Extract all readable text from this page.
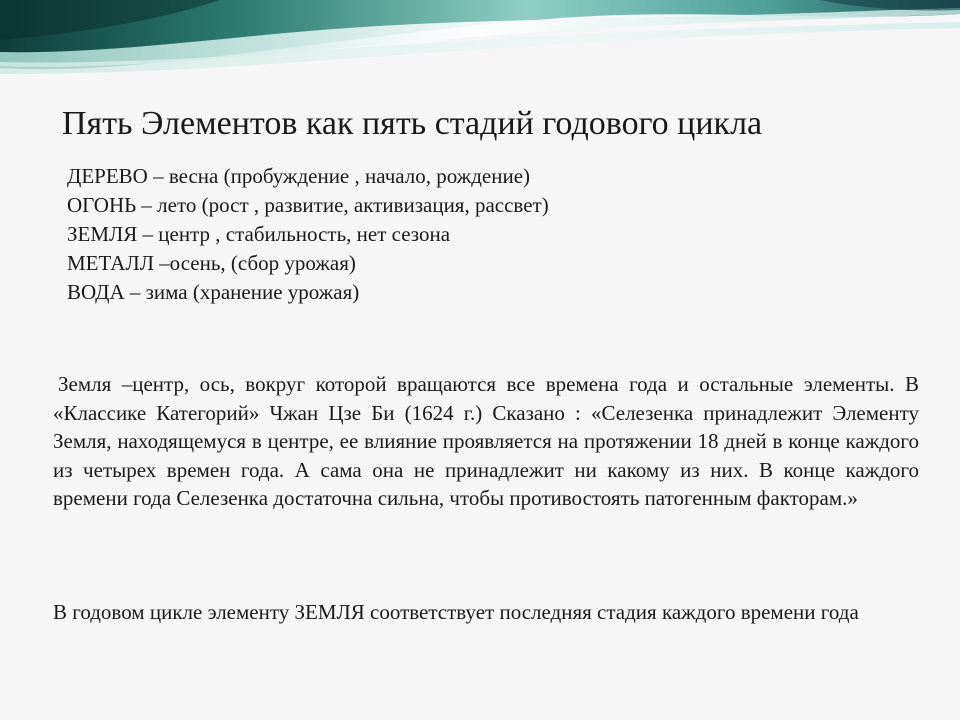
Пять Элементов как пять стадий годового цикла
ДЕРЕВО – весна (пробуждение , начало, рождение)
ОГОНЬ – лето (рост , развитие, активизация, рассвет)
ЗЕМЛЯ – центр , стабильность, нет сезона
МЕТАЛЛ –осень, (сбор урожая)
ВОДА – зима (хранение урожая)

Земля –центр, ось, вокруг которой вращаются все времена года и остальные элементы. В «Классике Категорий» Чжан Цзе Би (1624 г.) Сказано : «Селезенка принадлежит Элементу Земля, находящемуся в центре, ее влияние проявляется на протяжении 18 дней в конце каждого из четырех времен года. А сама она не принадлежит ни какому из них. В конце каждого времени года Селезенка достаточна сильна, чтобы противостоять патогенным факторам.»

В годовом цикле элементу ЗЕМЛЯ соответствует последняя стадия каждого времени года
